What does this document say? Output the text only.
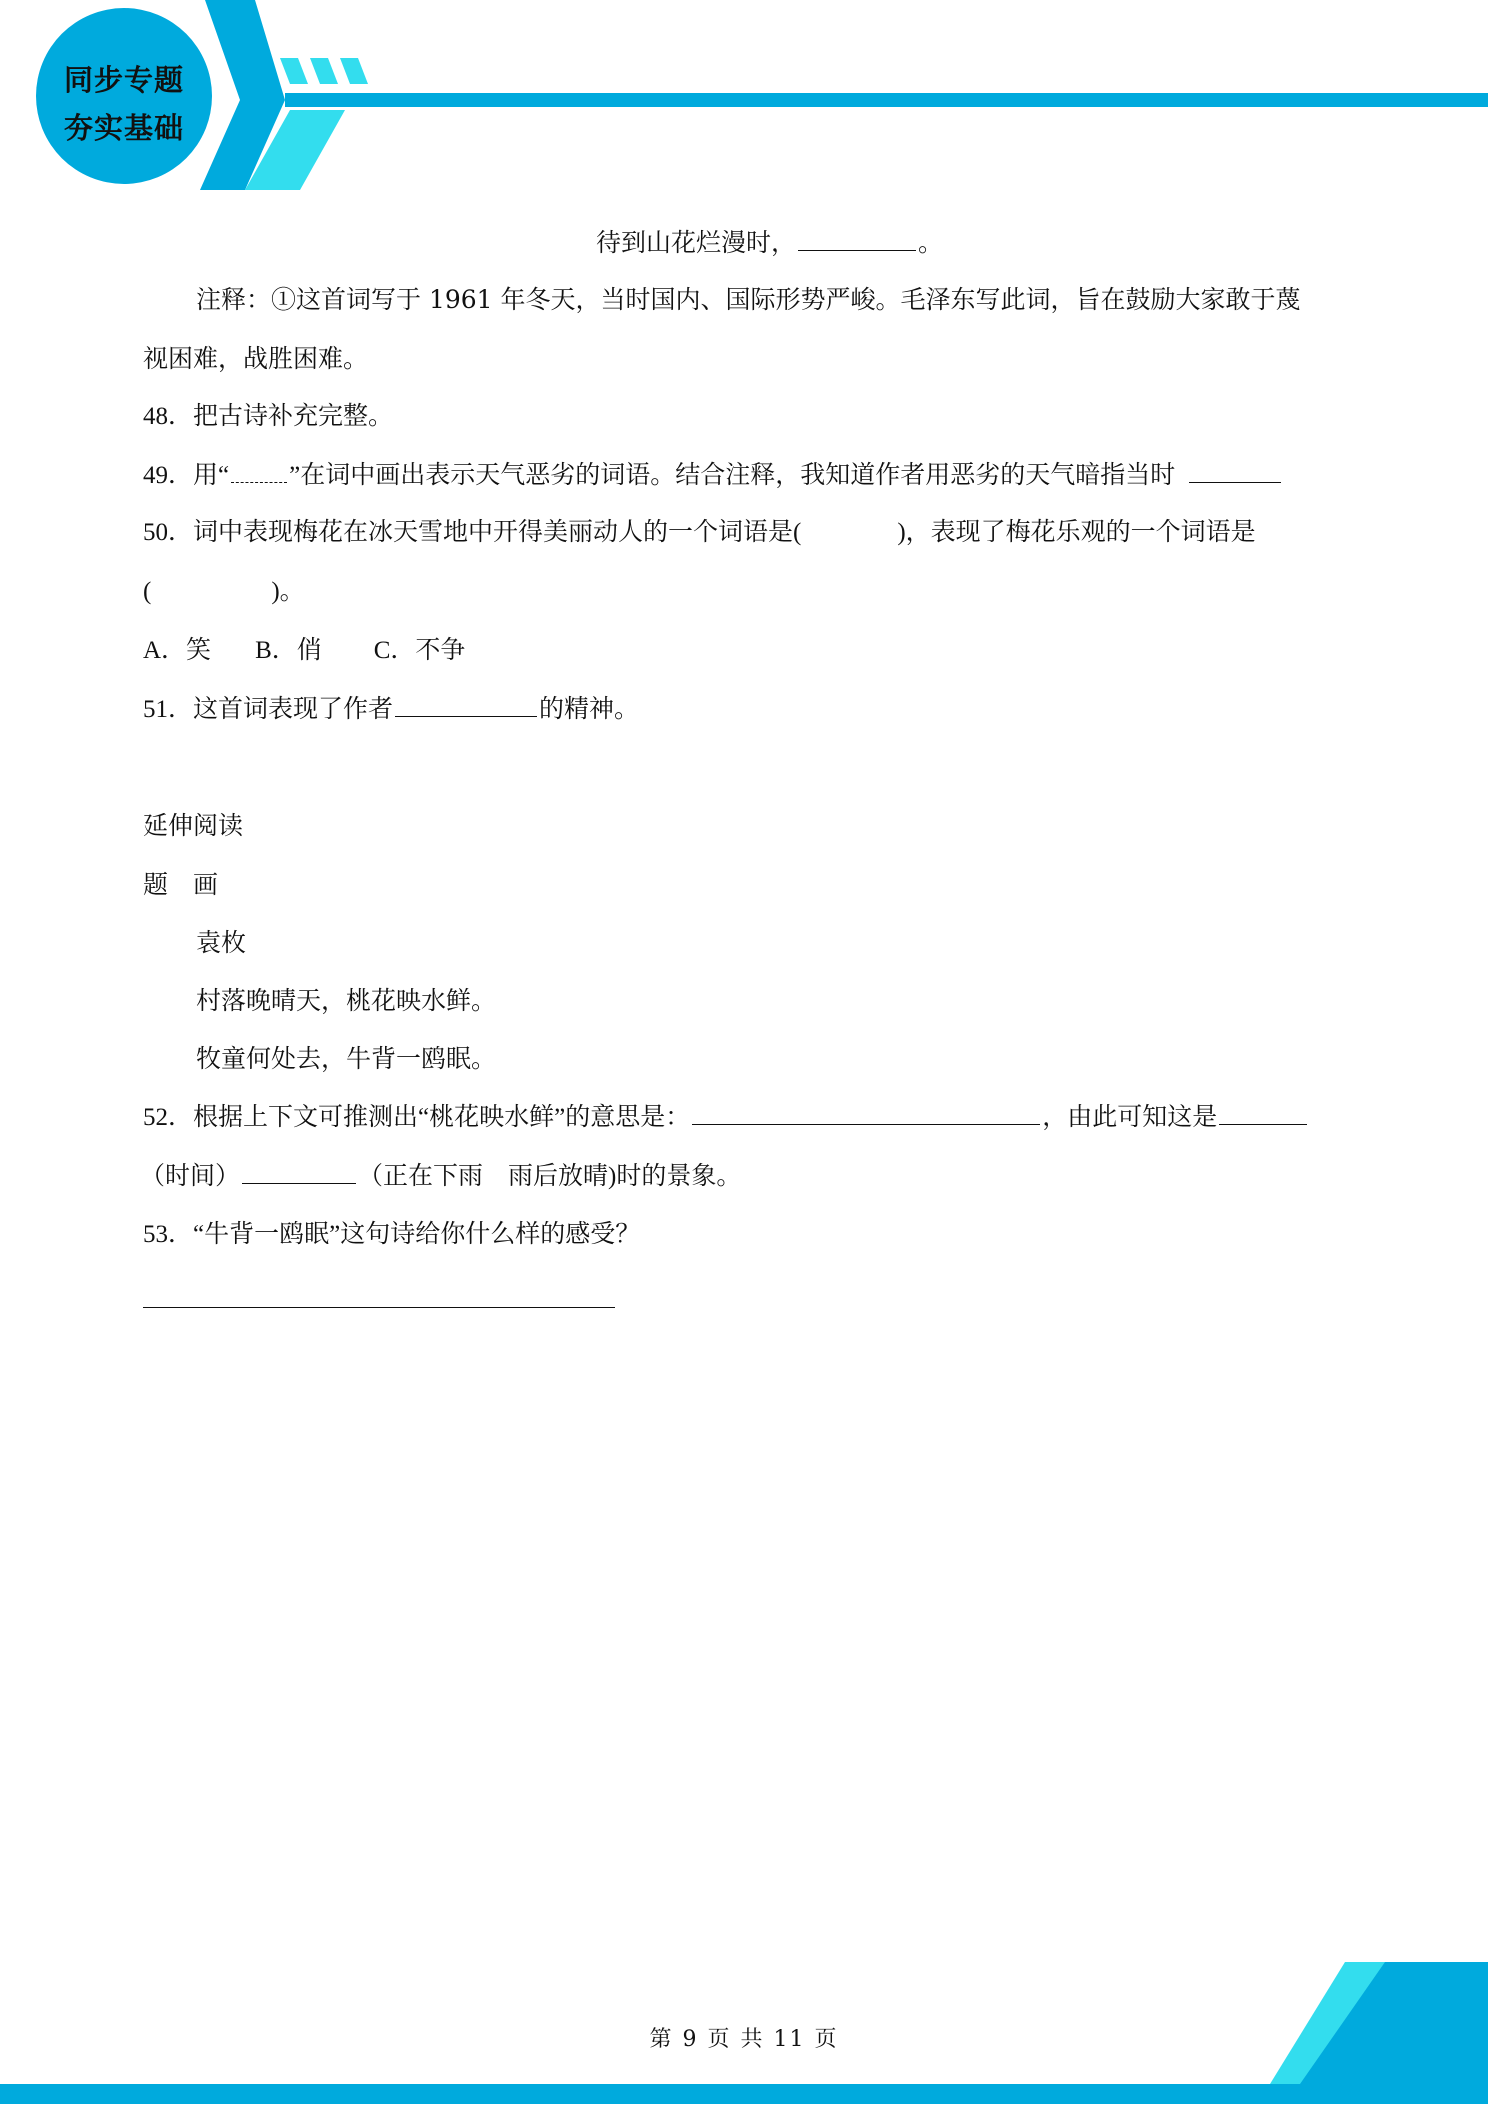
同步专题
夯实基础
待到山花烂漫时，	。
注释：①这首词写于 1961 年冬天，当时国内、国际形势严峻。毛泽东写此词，旨在鼓励大家敢于蔑
视困难，战胜困难。
48．把古诗补充完整。
49．用“ ”在词中画出表示天气恶劣的词语。结合注释，我知道作者用恶劣的天气暗指当时
50．词中表现梅花在冰天雪地中开得美丽动人的一个词语是(	)，表现了梅花乐观的一个词语是
(	)。
A．笑 B．俏 C．不争
51．这首词表现了作者	的精神。
延伸阅读
题　画
袁枚
村落晚晴天，桃花映水鲜。
牧童何处去，牛背一鸥眠。
52．根据上下文可推测出“桃花映水鲜”的意思是：	，由此可知这是
（时间）	（正在下雨　雨后放晴)时的景象。
53．“牛背一鸥眠”这句诗给你什么样的感受？
第 9 页 共 11 页
